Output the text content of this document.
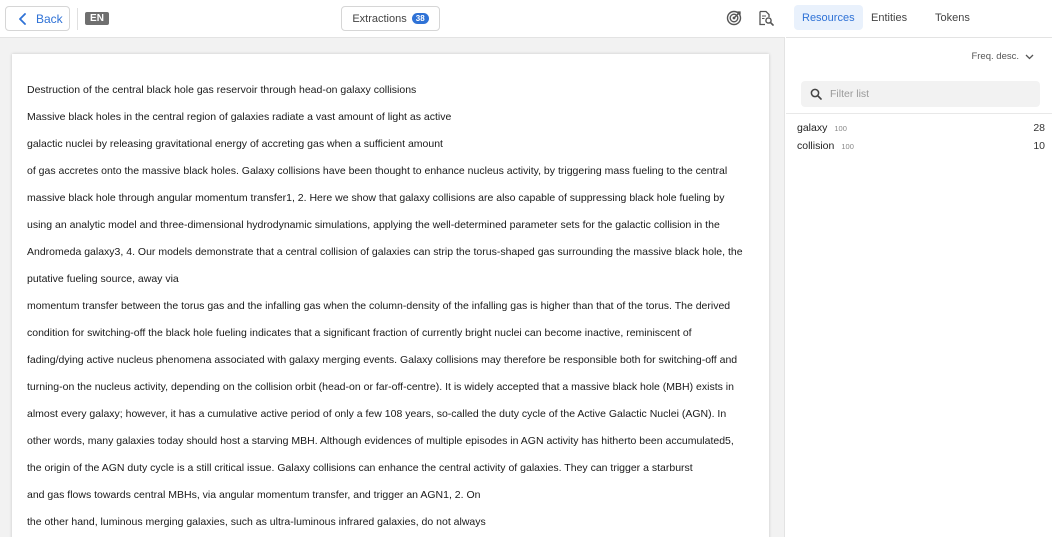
Back	EN	Extractions	38

Destruction of the central black hole gas reservoir through head-on galaxy collisions

Massive black holes in the central region of galaxies radiate a vast amount of light as active

galactic nuclei by releasing gravitational energy of accreting gas when a sufficient amount

of gas accretes onto the massive black holes. Galaxy collisions have been thought to enhance nucleus activity, by triggering mass fueling to the central

massive black hole through angular momentum transfer1, 2. Here we show that galaxy collisions are also capable of suppressing black hole fueling by

using an analytic model and three-dimensional hydrodynamic simulations, applying the well-determined parameter sets for the galactic collision in the

Andromeda galaxy3, 4. Our models demonstrate that a central collision of galaxies can strip the torus-shaped gas surrounding the massive black hole, the

putative fueling source, away via

momentum transfer between the torus gas and the infalling gas when the column-density of the infalling gas is higher than that of the torus. The derived

condition for switching-off the black hole fueling indicates that a significant fraction of currently bright nuclei can become inactive, reminiscent of

fading/dying active nucleus phenomena associated with galaxy merging events. Galaxy collisions may therefore be responsible both for switching-off and

turning-on the nucleus activity, depending on the collision orbit (head-on or far-off-centre). It is widely accepted that a massive black hole (MBH) exists in

almost every galaxy; however, it has a cumulative active period of only a few 108 years, so-called the duty cycle of the Active Galactic Nuclei (AGN). In

other words, many galaxies today should host a starving MBH. Although evidences of multiple episodes in AGN activity has hitherto been accumulated5,

the origin of the AGN duty cycle is a still critical issue. Galaxy collisions can enhance the central activity of galaxies. They can trigger a starburst

and gas flows towards central MBHs, via angular momentum transfer, and trigger an AGN1, 2. On

the other hand, luminous merging galaxies, such as ultra-luminous infrared galaxies, do not always

Resources	Entities	Tokens
Freq. desc.
Filter list
galaxy 100	28
collision 100	10
